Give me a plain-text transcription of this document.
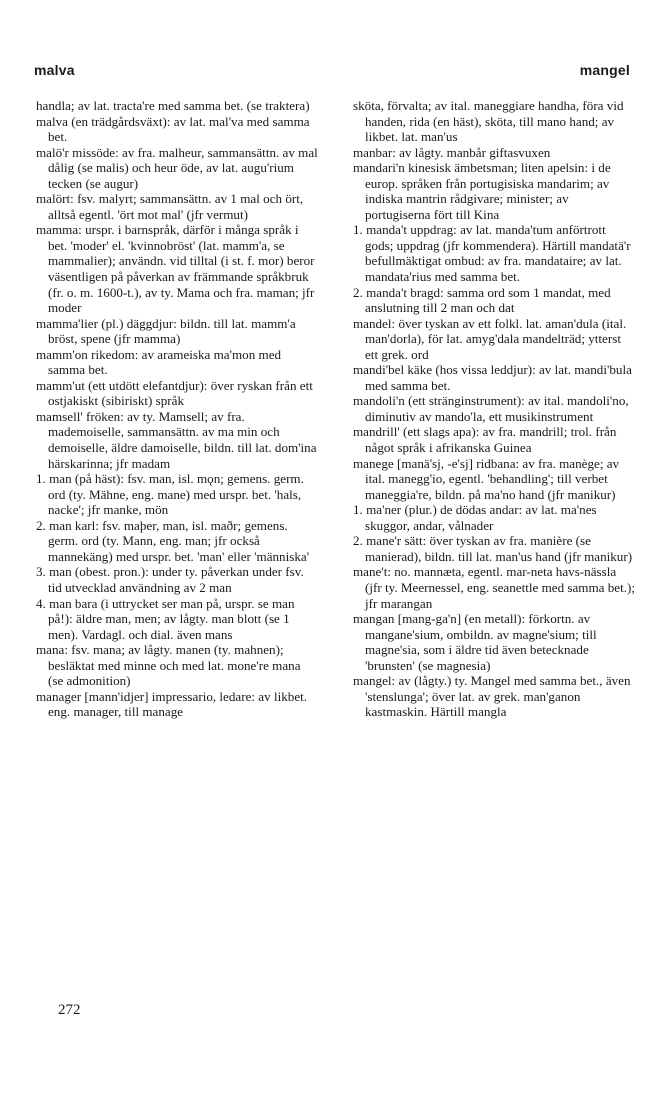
malva	mangel

handla; av lat. tracta're med samma bet. (se traktera)

malva (en trädgårdsväxt): av lat. mal'va med samma bet.

malö'r missöde: av fra. malheur, sammansättn. av mal dålig (se malis) och heur öde, av lat. augu'rium tecken (se augur)

malört: fsv. malyrt; sammansättn. av 1 mal och ört, alltså egentl. 'ört mot mal' (jfr vermut)

mamma: urspr. i barnspråk, därför i många språk i bet. 'moder' el. 'kvinnobröst' (lat. mamm'a, se mammalier); användn. vid tilltal (i st. f. mor) beror väsentligen på påverkan av främmande språkbruk (fr. o. m. 1600-t.), av ty. Mama och fra. maman; jfr moder

mamma'lier (pl.) däggdjur: bildn. till lat. mamm'a bröst, spene (jfr mamma)

mamm'on rikedom: av arameiska ma'mon med samma bet.

mamm'ut (ett utdött elefantdjur): över ryskan från ett ostjakiskt (sibiriskt) språk

mamsell' fröken: av ty. Mamsell; av fra. mademoiselle, sammansättn. av ma min och demoiselle, äldre damoiselle, bildn. till lat. dom'ina härskarinna; jfr madam

1. man (på häst): fsv. man, isl. mǫn; gemens. germ. ord (ty. Mähne, eng. mane) med urspr. bet. 'hals, nacke'; jfr manke, mön

2. man karl: fsv. maþer, man, isl. maðr; gemens. germ. ord (ty. Mann, eng. man; jfr också mannekäng) med urspr. bet. 'man' eller 'människa'

3. man (obest. pron.): under ty. påverkan under fsv. tid utvecklad användning av 2 man

4. man bara (i uttrycket ser man på, urspr. se man på!): äldre man, men; av lågty. man blott (se 1 men). Vardagl. och dial. även mans

mana: fsv. mana; av lågty. manen (ty. mahnen); besläktat med minne och med lat. mone're mana (se admonition)

manager [mann'idjer] impressario, ledare: av likbet. eng. manager, till manage

sköta, förvalta; av ital. maneggiare handha, föra vid handen, rida (en häst), sköta, till mano hand; av likbet. lat. man'us

manbar: av lågty. manbår giftasvuxen

mandari'n kinesisk ämbetsman; liten apelsin: i de europ. språken från portugisiska mandarim; av indiska mantrin rådgivare; minister; av portugiserna fört till Kina

1. manda't uppdrag: av lat. manda'tum anförtrott gods; uppdrag (jfr kommendera). Härtill mandatä'r befullmäktigat ombud: av fra. mandataire; av lat. mandata'rius med samma bet.

2. manda't bragd: samma ord som 1 mandat, med anslutning till 2 man och dat

mandel: över tyskan av ett folkl. lat. aman'dula (ital. man'dorla), för lat. amyg'dala mandelträd; ytterst ett grek. ord

mandi'bel käke (hos vissa leddjur): av lat. mandi'bula med samma bet.

mandoli'n (ett stränginstrument): av ital. mandoli'no, diminutiv av mando'la, ett musikinstrument

mandrill' (ett slags apa): av fra. mandrill; trol. från något språk i afrikanska Guinea

manege [manä'sj, -e'sj] ridbana: av fra. manège; av ital. manegg'io, egentl. 'behandling'; till verbet maneggia're, bildn. på ma'no hand (jfr manikur)

1. ma'ner (plur.) de dödas andar: av lat. ma'nes skuggor, andar, vålnader

2. mane'r sätt: över tyskan av fra. manière (se manierad), bildn. till lat. man'us hand (jfr manikur)

mane't: no. mannæta, egentl. mar-neta havs-nässla (jfr ty. Meernessel, eng. seanettle med samma bet.); jfr marangan

mangan [mang-ga'n] (en metall): förkortn. av mangane'sium, ombildn. av magne'sium; till magne'sia, som i äldre tid även betecknade 'brunsten' (se magnesia)

mangel: av (lågty.) ty. Mangel med samma bet., även 'stenslunga'; över lat. av grek. man'ganon kastmaskin. Härtill mangla

272
